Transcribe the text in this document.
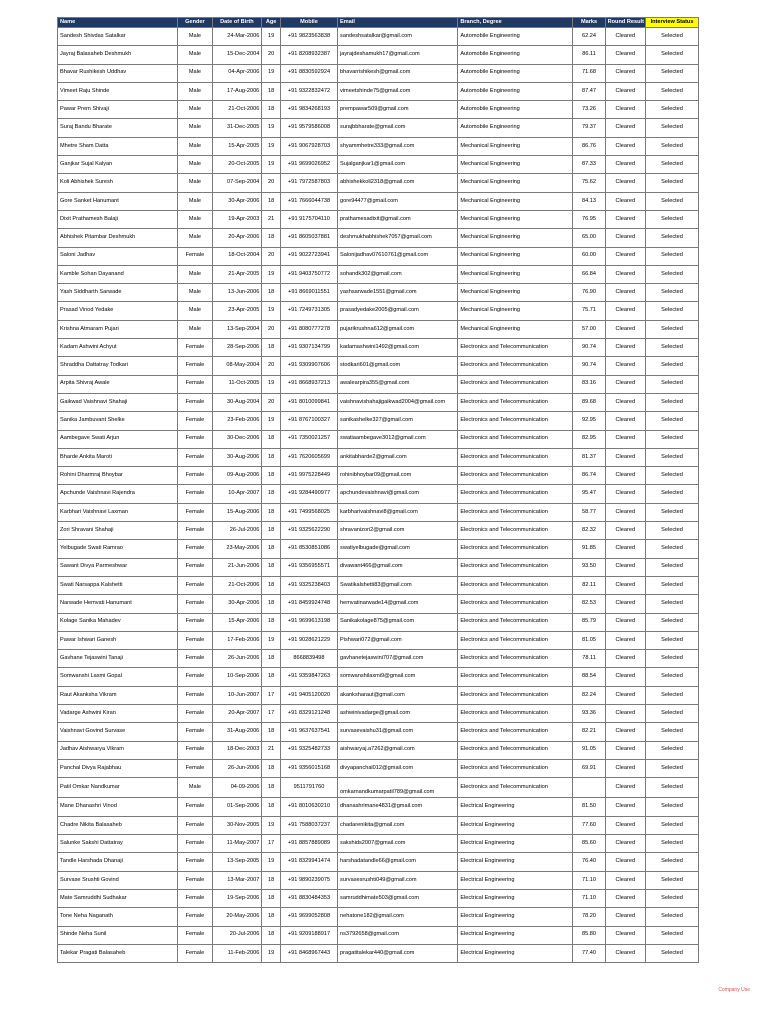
Name	Gender	Date of Birth	Age	Mobile	Email	Branch, Degree	Marks	Round Result	Interview Status
Sandesh Shivdas Satalkar	Male	24-Mar-2006	19	+91 9823563838	sandeshsatalkar@gmail.com	Automobile Engineering	62.24	Cleared	Selected
Jayraj Balasaheb Deshmukh	Male	15-Dec-2004	20	+91 8208932387	jayrajdeshamukh17@gmail.com	Automobile Engineering	86.11	Cleared	Selected
Bhavar Rushikesh Uddhav	Male	04-Apr-2006	19	+91 8830592924	bhavarrishikesh@gmail.com	Automobile Engineering	71.68	Cleared	Selected
Vimeet Raju Shinde	Male	17-Aug-2006	18	+91 9322832472	vimeetshinde75@gmail.com	Automobile Engineering	87.47	Cleared	Selected
Pawar Prem Shivaji	Male	21-Oct-2006	18	+91 9834268193	prempawar509@gmail.com	Automobile Engineering	73.26	Cleared	Selected
Suraj Bandu Bharate	Male	31-Dec-2005	19	+91 9579586008	surajbbharate@gmail.com	Automobile Engineering	79.37	Cleared	Selected
Mhetre Sham Datta	Male	15-Apr-2005	19	+91 9067928703	shyammhetre333@gmail.com	Mechanical Engineering	86.76	Cleared	Selected
Ganjkar Sujal Kalyan	Male	20-Oct-2005	19	+91 9699026952	Sujalganjkar1@gmail.com	Mechanical Engineering	87.33	Cleared	Selected
Koli Abhishek Suresh	Male	07-Sep-2004	20	+91 7972587803	abhishekkoli2318@gmail.com	Mechanical Engineering	75.62	Cleared	Selected
Gore Sanket Hanumant	Male	30-Apr-2006	18	+91 7666044738	gore94477@gmail.com	Mechanical Engineering	84.13	Cleared	Selected
Dixit Prathamesh Balaji	Male	19-Apr-2003	21	+91 9175704110	prathamesadixit@gmail.com	Mechanical Engineering	76.95	Cleared	Selected
Abhishek Pitambar Deshmukh	Male	20-Apr-2006	18	+91 8605037881	deshmukhabhishek7057@gmail.com	Mechanical Engineering	65.00	Cleared	Selected
Saloni Jadhav	Female	18-Oct-2004	20	+91 9022723941	Salonijadhav07610761@gmail.com	Mechanical Engineering	60.00	Cleared	Selected
Kamble Sohan Dayanand	Male	21-Apr-2005	19	+91 9403750772	sohandk302@gmail.com	Mechanical Engineering	66.84	Cleared	Selected
Yash Siddharth Sarwade	Male	13-Jun-2006	18	+91 8669011551	yashsarwade1551@gmail.com	Mechanical Engineering	76.90	Cleared	Selected
Prasad Vinod Yedake	Male	23-Apr-2005	19	+91 7249731305	prasadyedake2005@gmail.com	Mechanical Engineering	75.71	Cleared	Selected
Krishna Atmaram Pujari	Male	13-Sep-2004	20	+91 8080777278	pujarikrushna612@gmail.com	Mechanical Engineering	57.00	Cleared	Selected
Kadam Ashwini Achyut	Female	28-Sep-2006	18	+91 9307134799	kadamashwini1492@gmail.com	Electronics and Telecommunication	90.74	Cleared	Selected
Shraddha Dattatray Todkari	Female	08-May-2004	20	+91 9309907606	stodkari601@gmail.com	Electronics and Telecommunication	90.74	Cleared	Selected
Arpita Shivraj Awale	Female	11-Oct-2005	19	+91 8668937213	awalearpira355@gmail.com	Electronics and Telecommunication	83.16	Cleared	Selected
Gaikwad Vaishnavi Shahaji	Female	30-Aug-2004	20	+91 8010099841	vaishnavishahajigaikwad2004@gmail.com	Electronics and Telecommunication	89.68	Cleared	Selected
Sanika Jambuvant Shelke	Female	23-Feb-2006	19	+91 8767100327	sanikashelke327@gmail.com	Electronics and Telecommunication	92.95	Cleared	Selected
Aambegave Swati Arjun	Female	30-Dec-2006	18	+91 7350021257	swatiaambegave3012@gmail.com	Electronics and Telecommunication	82.95	Cleared	Selected
Bharde Ankita Maroti	Female	30-Aug-2006	18	+91 7620605699	ankitabharde2@gmail.com	Electronics and Telecommunication	81.37	Cleared	Selected
Rohini Dharmraj Bhoybar	Female	09-Aug-2006	18	+91 9975228449	rohinibhoybar09@gmail.com	Electronics and Telecommunication	86.74	Cleared	Selected
Apchunde Vaishnavi Rajendra	Female	10-Apr-2007	18	+91 9284490977	apchundevaishnavi@gmail.com	Electronics and Telecommunication	95.47	Cleared	Selected
Karbhari Vaishnavi Laxman	Female	15-Aug-2006	18	+91 7499568025	karbharivaishnavi8@gmail.com	Electronics and Telecommunication	58.77	Cleared	Selected
Zori Shravani Shahaji	Female	26-Jul-2006	18	+91 9325622290	shravanizori2@gmail.com	Electronics and Telecommunication	82.32	Cleared	Selected
Yelbugade Swati Ramrao	Female	23-May-2006	18	+91 8530851086	swatiyelbugade@gmail.com	Electronics and Telecommunication	91.85	Cleared	Selected
Sawant Divya Parmeshwar	Female	21-Jun-2006	18	+91 9356955571	divawant466@gmail.com	Electronics and Telecommunication	93.50	Cleared	Selected
Swati Narsappa Kalshetti	Female	21-Oct-2006	18	+91 9325238403	Swatikalshetti83@gmail.com	Electronics and Telecommunication	82.11	Cleared	Selected
Narwade Hemvati Hanumant	Female	30-Apr-2006	18	+91 8459924748	hemvatinarwade14@gmail.com	Electronics and Telecommunication	82.53	Cleared	Selected
Kolage Sanika Mahadev	Female	15-Apr-2006	18	+91 9699613198	Sanikakolage875@gmail.com	Electronics and Telecommunication	85.79	Cleared	Selected
Pawar Ishwari Ganesh	Female	17-Feb-2006	19	+91 9028621229	Pishwari072@gmail.com	Electronics and Telecommunication	81.05	Cleared	Selected
Gavhane Tejaswini Tanaji	Female	26-Jun-2006	18	8668839498	gavhanetejaswini707@gmail.com	Electronics and Telecommunication	78.11	Cleared	Selected
Somwanshi Laxmi Gopal	Female	10-Sep-2006	18	+91 9359847263	somwanshilaxmi9@gmail.com	Electronics and Telecommunication	88.54	Cleared	Selected
Raut Akanksha Vikram	Female	10-Jun-2007	17	+91 9405120020	akanksharaut@gmail.com	Electronics and Telecommunication	82.24	Cleared	Selected
Vadarge Ashwini Kiran	Female	20-Apr-2007	17	+91 8329121248	ashwinivadarge@gmail.com	Electronics and Telecommunication	93.36	Cleared	Selected
Vaishnavi Govind Survase	Female	31-Aug-2006	18	+91 9637637541	survasevaishu31@gmail.com	Electronics and Telecommunication	82.21	Cleared	Selected
Jadhav Aishwarya Vikram	Female	18-Dec-2003	21	+91 9325482733	aishwaryaj.a7262@gmail.com	Electronics and Telecommunication	91.05	Cleared	Selected
Panchal Divya Rajabhau	Female	26-Jun-2006	18	+91 9356015168	divyapanchal012@gmail.com	Electronics and Telecommunication	69.91	Cleared	Selected
Patil Omkar Nandkumar	Male	04-09-2006	18	9511791760	omkarnandkumarpatil789@gmail.com	Electronics and Telecommunication		Cleared	Selected
Mane Dhanashri Vinod	Female	01-Sep-2006	18	+91 8010630210	dhanashrimane4831@gmail.com	Electrical Engineering	81.50	Cleared	Selected
Chadre Nikita Balasaheb	Female	30-Nov-2005	19	+91 7588037237	chadarenikita@gmail.com	Electrical Engineering	77.60	Cleared	Selected
Salunke Sakshi Dattatray	Female	11-May-2007	17	+91 8857889089	sakshids2007@gmail.com	Electrical Engineering	85.60	Cleared	Selected
Tandle Harshada Dhanaji	Female	13-Sep-2005	19	+91 8329941474	harshadatandle66@gmail.com	Electrical Engineering	76.40	Cleared	Selected
Survase Srushti Govind	Female	13-Mar-2007	18	+91 9890239075	survasesrushti049@gmail.com	Electrical Engineering	71.10	Cleared	Selected
Mate Samruddhi Sudhakar	Female	19-Sep-2006	18	+91 8830484353	samruddhimate503@gmail.com	Electrical Engineering	71.10	Cleared	Selected
Tone Neha Naganath	Female	20-May-2006	18	+91 9699052808	nehatone182@gmail.com	Electrical Engineering	78.20	Cleared	Selected
Shinde Neha Sunil	Female	20-Jul-2006	18	+91 9209188917	ns3792658@gmail.com	Electrical Engineering	85.80	Cleared	Selected
Talekar Pragati Balasaheb	Female	11-Feb-2006	19	+91 8468967443	pragatitalekar440@gmail.com	Electrical Engineering	77.40	Cleared	Selected
Company Use
